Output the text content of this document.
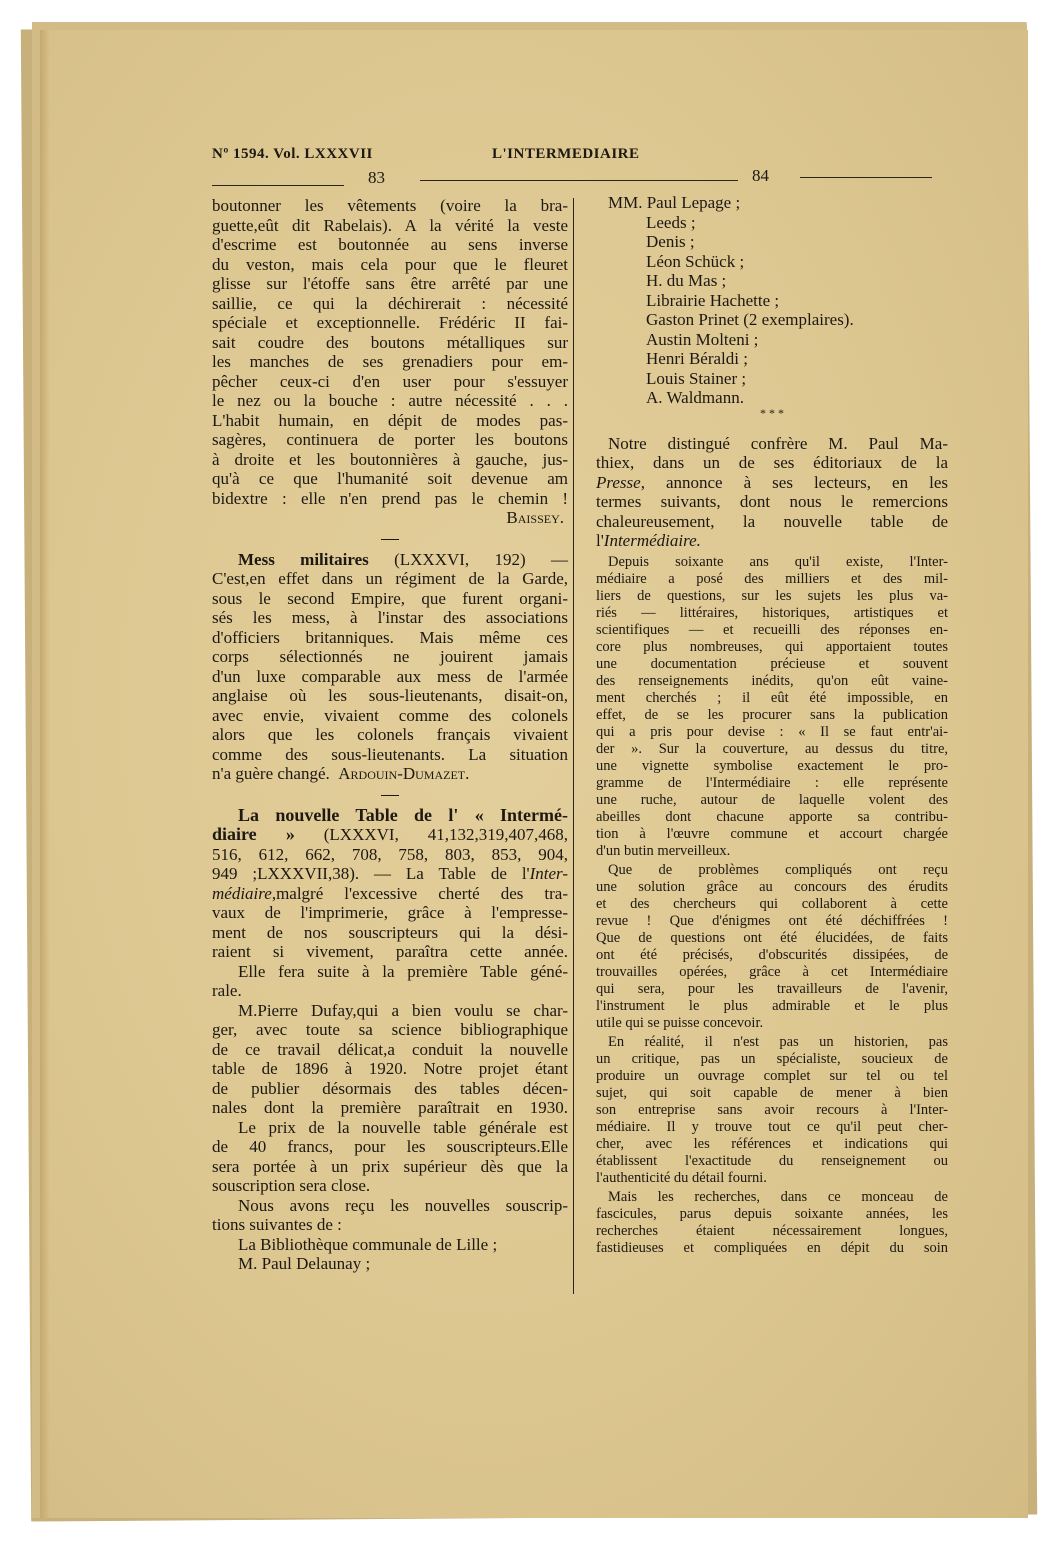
Nº 1594. Vol. LXXXVII	L'INTERMEDIAIRE
83	84
boutonner les vêtements (voire la bra-
guette,eût dit Rabelais). A la vérité la veste
d'escrime est boutonnée au sens inverse
du veston, mais cela pour que le fleuret
glisse sur l'étoffe sans être arrêté par une
saillie, ce qui la déchirerait : nécessité
spéciale et exceptionnelle. Frédéric II fai-
sait coudre des boutons métalliques sur
les manches de ses grenadiers pour em-
pêcher ceux-ci d'en user pour s'essuyer
le nez ou la bouche : autre nécessité . . .
L'habit humain, en dépit de modes pas-
sagères, continuera de porter les boutons
à droite et les boutonnières à gauche, jus-
qu'à ce que l'humanité soit devenue am
bidextre : elle n'en prend pas le chemin !
Baissey.
Mess militaires (LXXXVI, 192) —
C'est,en effet dans un régiment de la Garde,
sous le second Empire, que furent organi-
sés les mess, à l'instar des associations
d'officiers britanniques. Mais même ces
corps sélectionnés ne jouirent jamais
d'un luxe comparable aux mess de l'armée
anglaise où les sous-lieutenants, disait-on,
avec envie, vivaient comme des colonels
alors que les colonels français vivaient
comme des sous-lieutenants. La situation
n'a guère changé. Ardouin-Dumazet.
La nouvelle Table de l' « Intermé-
diaire » (LXXXVI, 41,132,319,407,468,
516, 612, 662, 708, 758, 803, 853, 904,
949 ;LXXXVII,38). — La Table de l'Inter-
médiaire,malgré l'excessive cherté des tra-
vaux de l'imprimerie, grâce à l'empresse-
ment de nos souscripteurs qui la dési-
raient si vivement, paraîtra cette année.
Elle fera suite à la première Table géné-
rale.
M.Pierre Dufay,qui a bien voulu se char-
ger, avec toute sa science bibliographique
de ce travail délicat,a conduit la nouvelle
table de 1896 à 1920. Notre projet étant
de publier désormais des tables décen-
nales dont la première paraîtrait en 1930.
Le prix de la nouvelle table générale est
de 40 francs, pour les souscripteurs.Elle
sera portée à un prix supérieur dès que la
souscription sera close.
Nous avons reçu les nouvelles souscrip-
tions suivantes de :
La Bibliothèque communale de Lille ;
M. Paul Delaunay ;
MM. Paul Lepage ;
Leeds ;
Denis ;
Léon Schück ;
H. du Mas ;
Librairie Hachette ;
Gaston Prinet (2 exemplaires).
Austin Molteni ;
Henri Béraldi ;
Louis Stainer ;
A. Waldmann.
* * *
Notre distingué confrère M. Paul Ma-
thiex, dans un de ses éditoriaux de la
Presse, annonce à ses lecteurs, en les
termes suivants, dont nous le remercions
chaleureusement, la nouvelle table de
l'Intermédiaire.
Depuis soixante ans qu'il existe, l'Inter-
médiaire a posé des milliers et des mil-
liers de questions, sur les sujets les plus va-
riés — littéraires, historiques, artistiques et
scientifiques — et recueilli des réponses en-
core plus nombreuses, qui apportaient toutes
une documentation précieuse et souvent
des renseignements inédits, qu'on eût vaine-
ment cherchés ; il eût été impossible, en
effet, de se les procurer sans la publication
qui a pris pour devise : « Il se faut entr'ai-
der ». Sur la couverture, au dessus du titre,
une vignette symbolise exactement le pro-
gramme de l'Intermédiaire : elle représente
une ruche, autour de laquelle volent des
abeilles dont chacune apporte sa contribu-
tion à l'œuvre commune et accourt chargée
d'un butin merveilleux.
Que de problèmes compliqués ont reçu
une solution grâce au concours des érudits
et des chercheurs qui collaborent à cette
revue ! Que d'énigmes ont été déchiffrées !
Que de questions ont été élucidées, de faits
ont été précisés, d'obscurités dissipées, de
trouvailles opérées, grâce à cet Intermédiaire
qui sera, pour les travailleurs de l'avenir,
l'instrument le plus admirable et le plus
utile qui se puisse concevoir.
En réalité, il n'est pas un historien, pas
un critique, pas un spécialiste, soucieux de
produire un ouvrage complet sur tel ou tel
sujet, qui soit capable de mener à bien
son entreprise sans avoir recours à l'Inter-
médiaire. Il y trouve tout ce qu'il peut cher-
cher, avec les références et indications qui
établissent l'exactitude du renseignement ou
l'authenticité du détail fourni.
Mais les recherches, dans ce monceau de
fascicules, parus depuis soixante années, les
recherches étaient nécessairement longues,
fastidieuses et compliquées en dépit du soin
